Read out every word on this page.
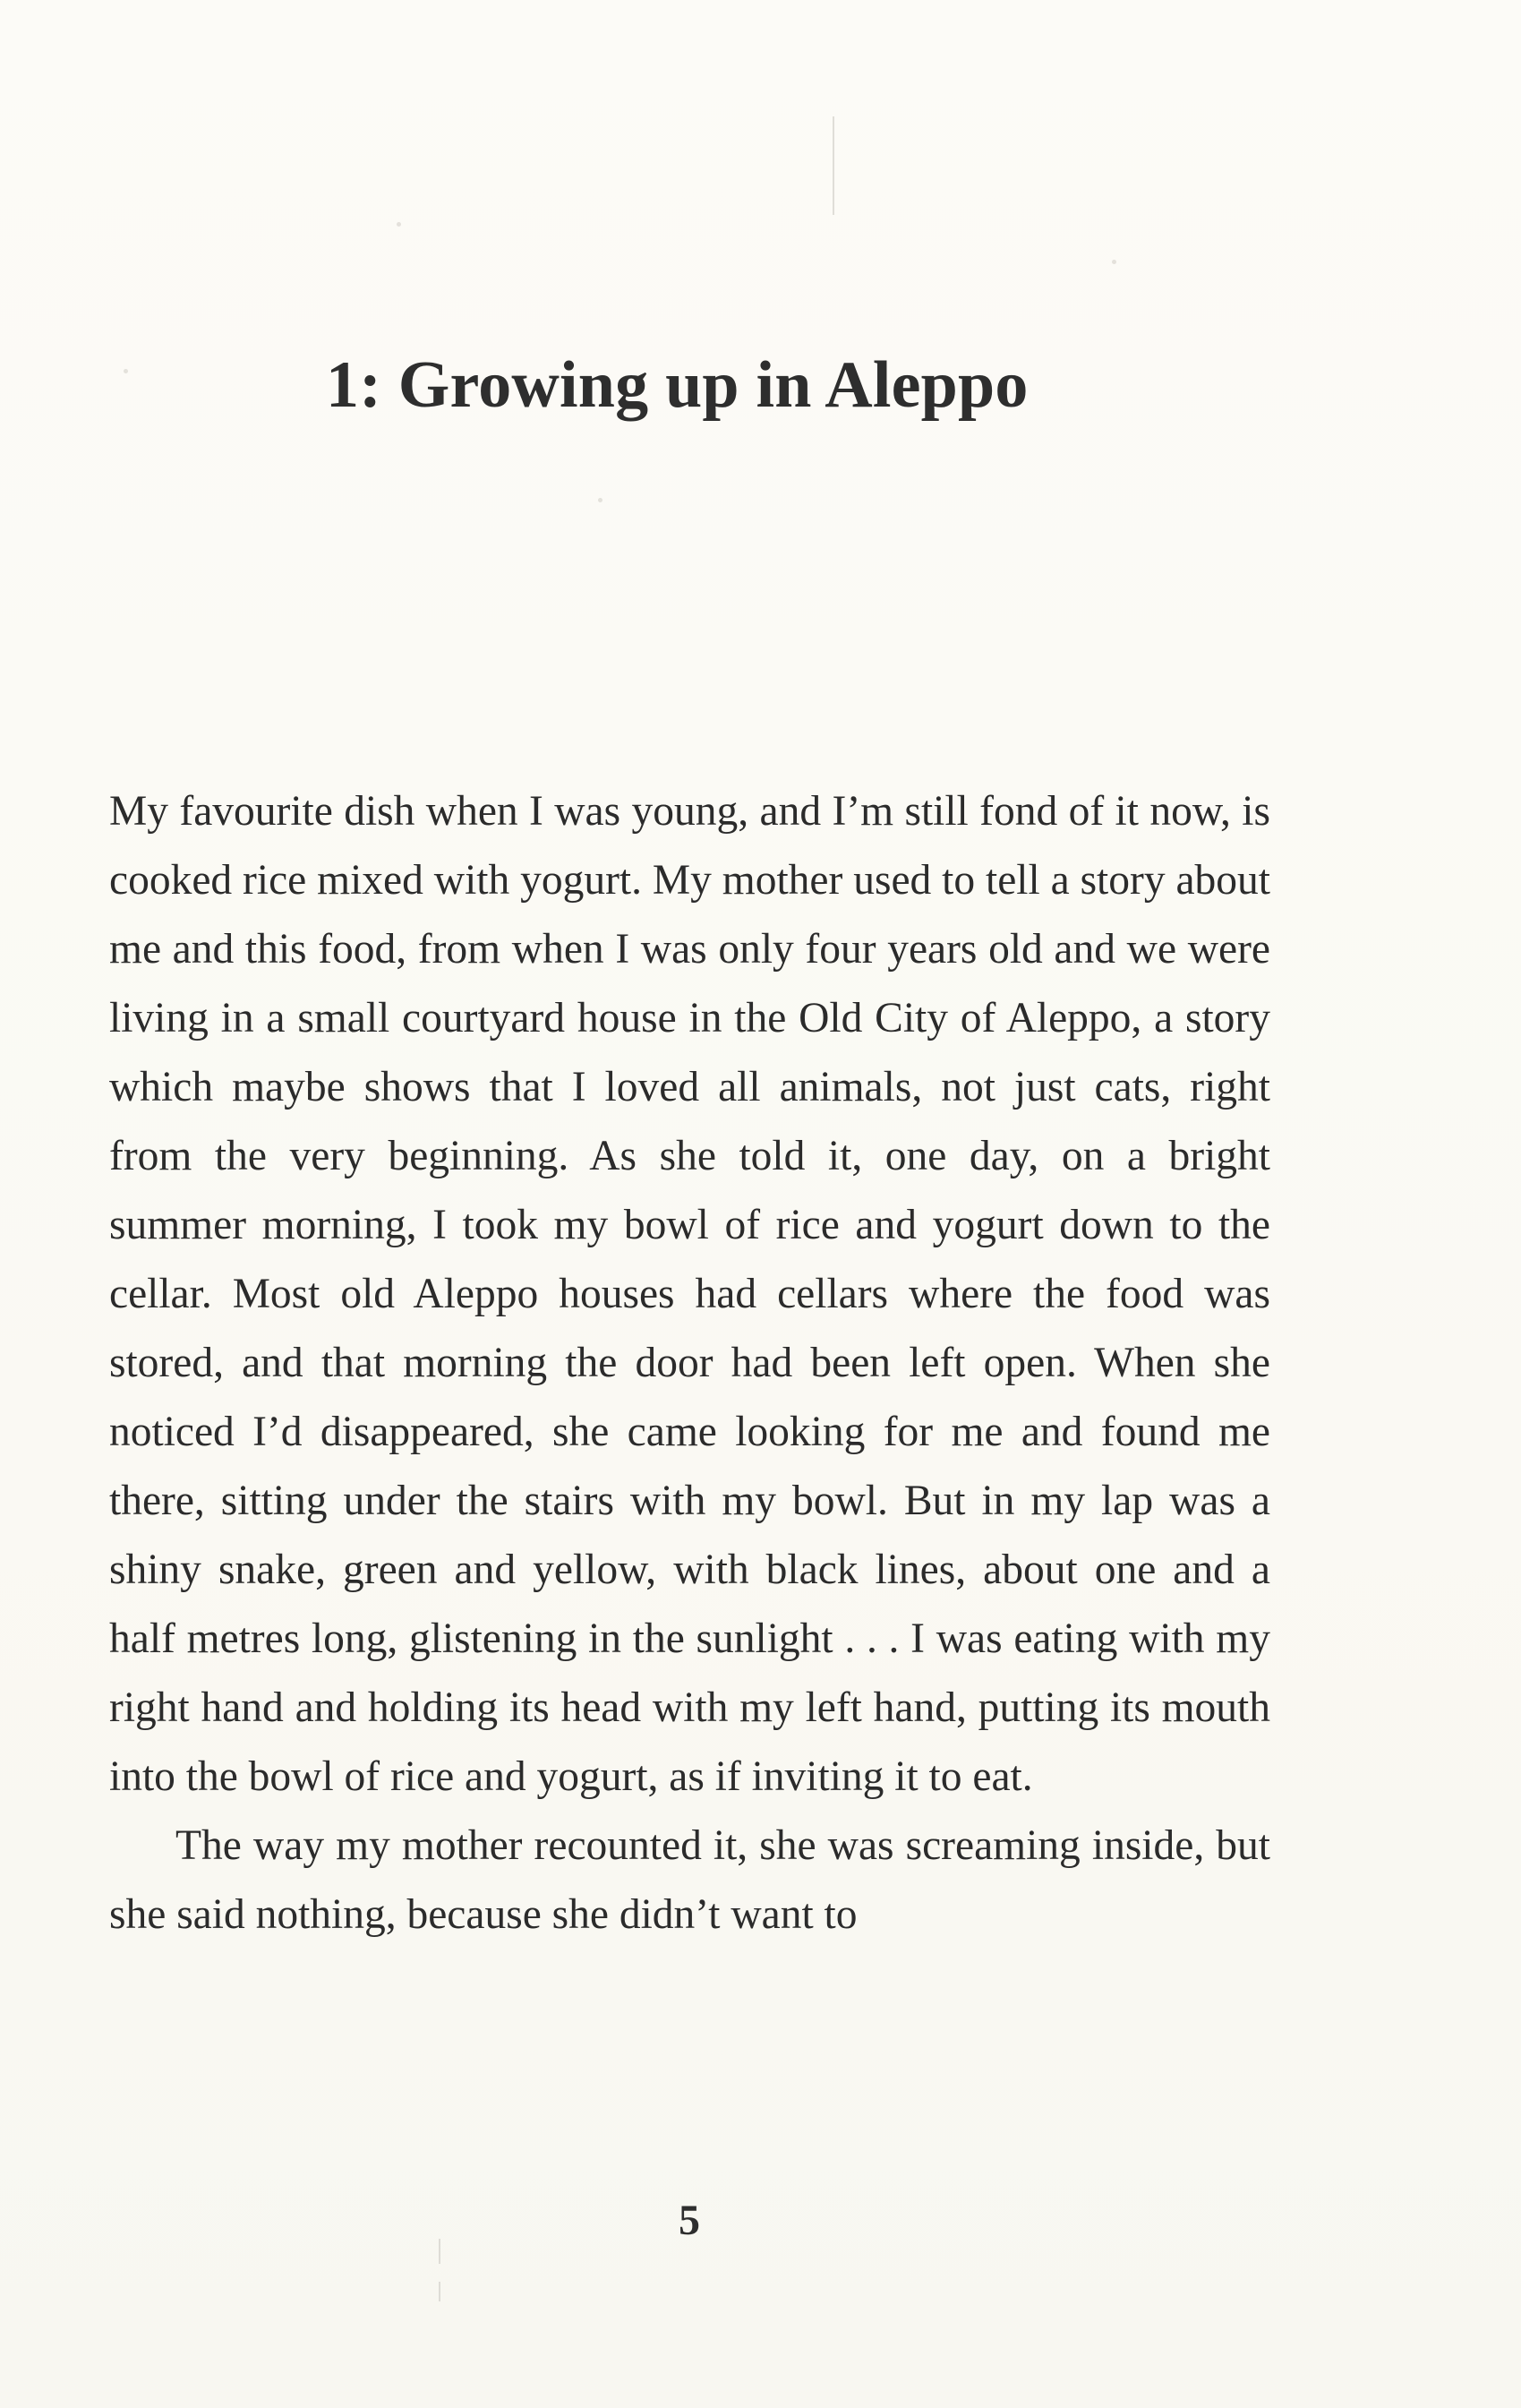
1: Growing up in Aleppo

My favourite dish when I was young, and I’m still fond of it now, is cooked rice mixed with yogurt. My mother used to tell a story about me and this food, from when I was only four years old and we were living in a small courtyard house in the Old City of Aleppo, a story which maybe shows that I loved all animals, not just cats, right from the very beginning. As she told it, one day, on a bright summer morning, I took my bowl of rice and yogurt down to the cellar. Most old Aleppo houses had cellars where the food was stored, and that morning the door had been left open. When she noticed I’d disappeared, she came looking for me and found me there, sitting under the stairs with my bowl. But in my lap was a shiny snake, green and yellow, with black lines, about one and a half metres long, glistening in the sunlight . . . I was eating with my right hand and holding its head with my left hand, putting its mouth into the bowl of rice and yogurt, as if inviting it to eat.

The way my mother recounted it, she was screaming inside, but she said nothing, because she didn’t want to

5
